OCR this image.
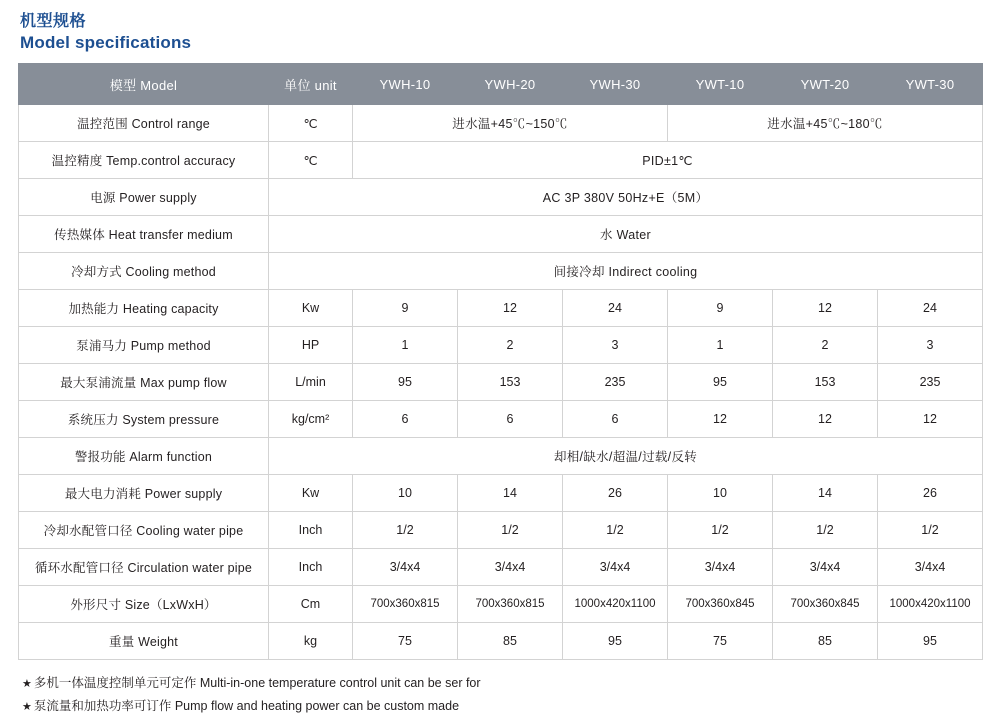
机型规格
Model specifications
模型 Model	单位 unit	YWH-10	YWH-20	YWH-30	YWT-10	YWT-20	YWT-30
温控范围 Control range	℃	进水温+45℃~150℃			进水温+45℃~180℃		
温控精度 Temp.control accuracy	℃	PID±1℃					
电源 Power supply	AC 3P 380V 50Hz+E（5M）						
传热媒体 Heat transfer medium	水 Water						
冷却方式 Cooling method	间接冷却 Indirect cooling						
加热能力 Heating capacity	Kw	9	12	24	9	12	24
泵浦马力 Pump method	HP	1	2	3	1	2	3
最大泵浦流量 Max pump flow	L/min	95	153	235	95	153	235
系统压力 System pressure	kg/cm²	6	6	6	12	12	12
警报功能 Alarm function	却相/缺水/超温/过载/反转						
最大电力消耗 Power supply	Kw	10	14	26	10	14	26
冷却水配管口径 Cooling water pipe	Inch	1/2	1/2	1/2	1/2	1/2	1/2
循环水配管口径 Circulation water pipe	Inch	3/4x4	3/4x4	3/4x4	3/4x4	3/4x4	3/4x4
外形尺寸 Size（LxWxH）	Cm	700x360x815	700x360x815	1000x420x1100	700x360x845	700x360x845	1000x420x1100
重量 Weight	kg	75	85	95	75	85	95
★ 多机一体温度控制单元可定作 Multi-in-one temperature control unit can be ser for
★ 泵流量和加热功率可订作 Pump flow and heating power can be custom made
